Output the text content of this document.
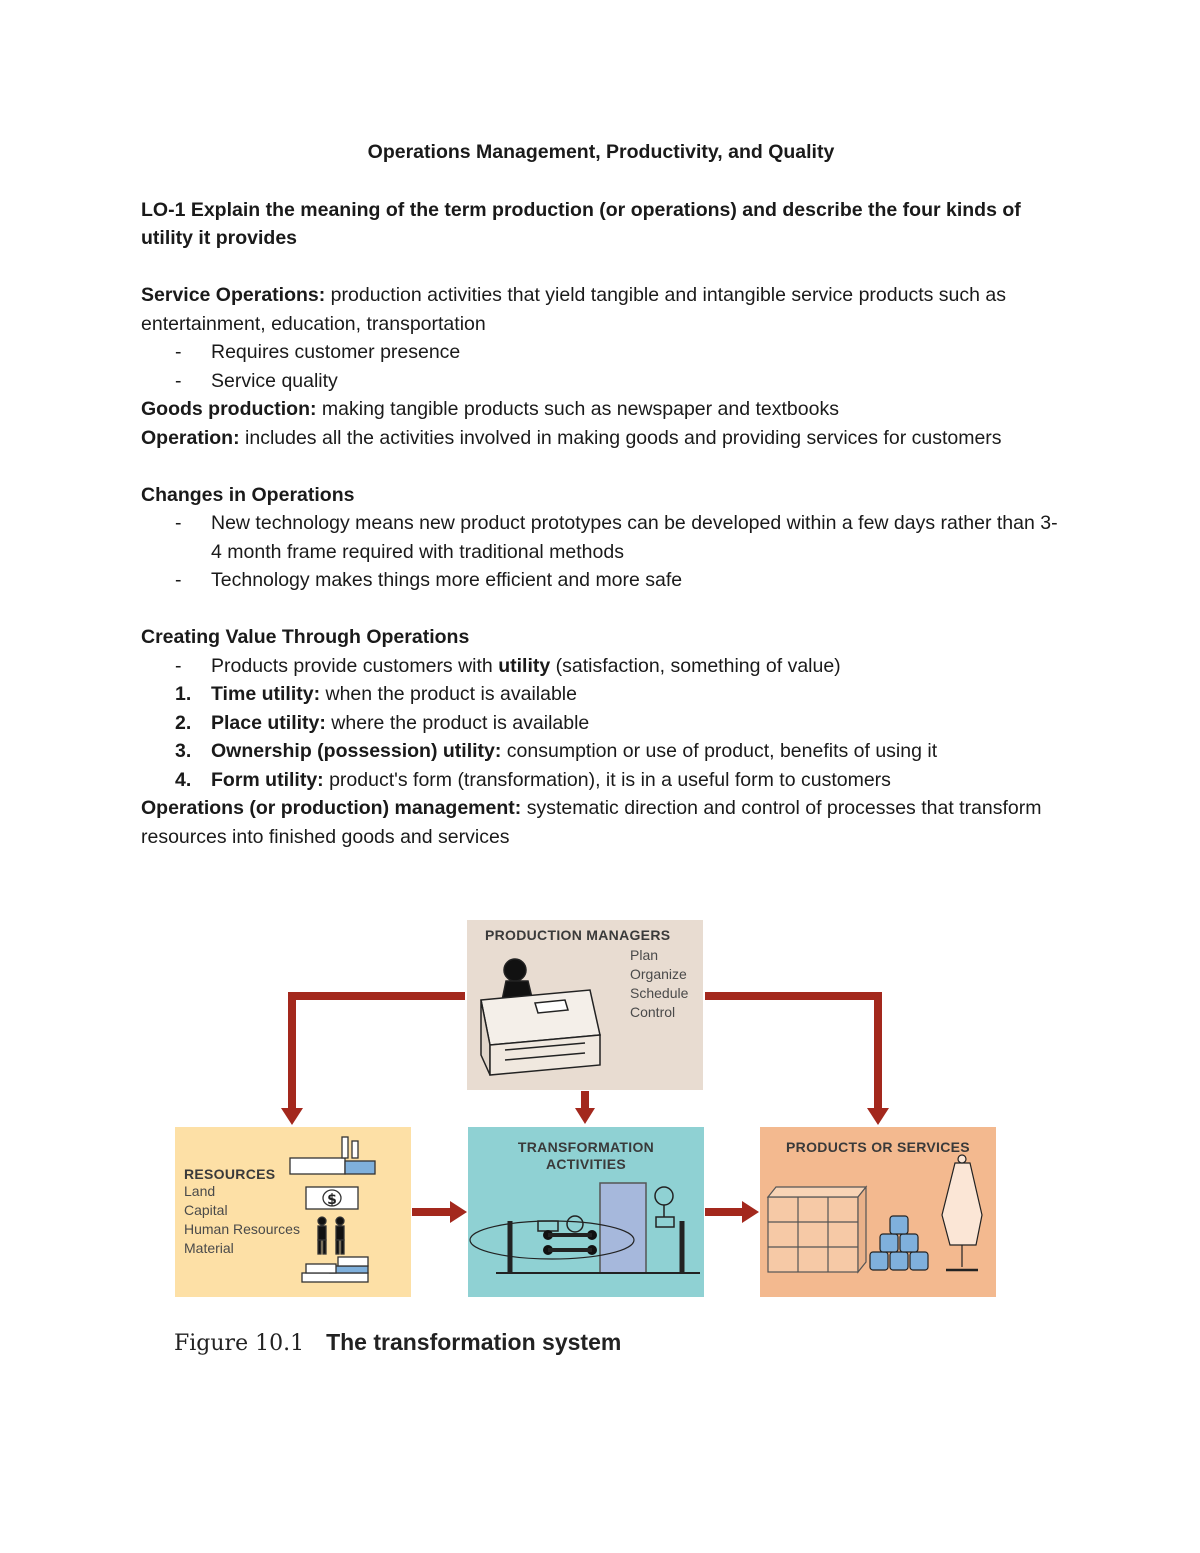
Operations Management, Productivity, and Quality

LO-1 Explain the meaning of the term production (or operations) and describe the four kinds of utility it provides

Service Operations: production activities that yield tangible and intangible service products such as entertainment, education, transportation

- Requires customer presence
- Service quality

Goods production: making tangible products such as newspaper and textbooks

Operation: includes all the activities involved in making goods and providing services for customers

Changes in Operations

- New technology means new product prototypes can be developed within a few days rather than 3-4 month frame required with traditional methods
- Technology makes things more efficient and more safe

Creating Value Through Operations

- Products provide customers with utility (satisfaction, something of value)
1. Time utility: when the product is available
2. Place utility: where the product is available
3. Ownership (possession) utility: consumption or use of product, benefits of using it
4. Form utility: product's form (transformation), it is in a useful form to customers

Operations (or production) management: systematic direction and control of processes that transform resources into finished goods and services

$
PRODUCTION MANAGERS
Plan
Organize
Schedule
Control
RESOURCES
Land
Capital
Human Resources
Material
TRANSFORMATION
ACTIVITIES
PRODUCTS OR SERVICES
Figure 10.1 The transformation system
